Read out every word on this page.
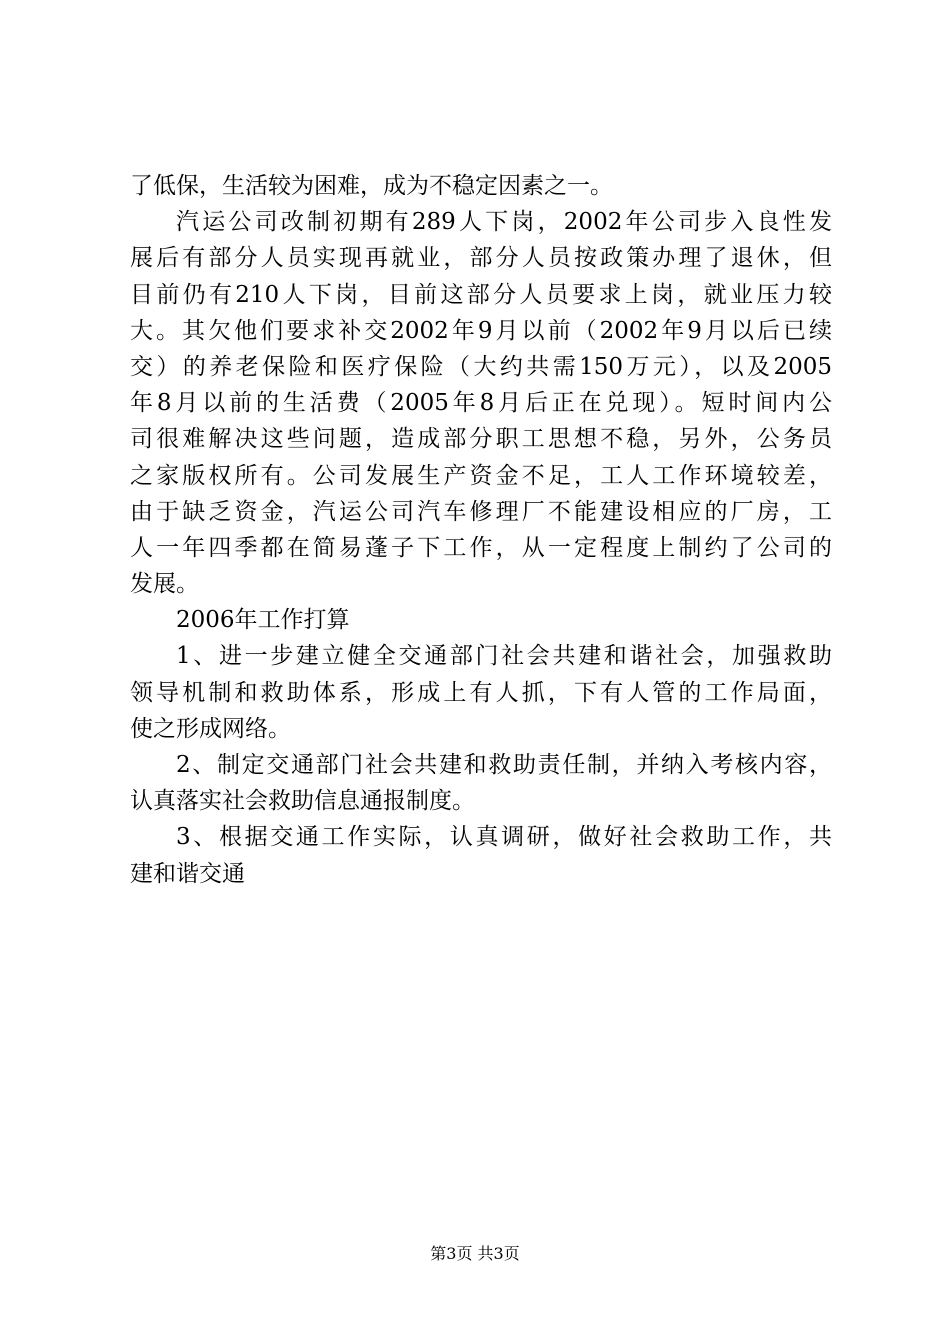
了低保，生活较为困难，成为不稳定因素之一。
汽运公司改制初期有289人下岗，2002年公司步入良性发
展后有部分人员实现再就业，部分人员按政策办理了退休，但
目前仍有210人下岗，目前这部分人员要求上岗，就业压力较
大。其欠他们要求补交2002年9月以前（2002年9月以后已续
交）的养老保险和医疗保险（大约共需150万元），以及2005
年8月以前的生活费（2005年8月后正在兑现）。短时间内公
司很难解决这些问题，造成部分职工思想不稳，另外，公务员
之家版权所有。公司发展生产资金不足，工人工作环境较差，
由于缺乏资金，汽运公司汽车修理厂不能建设相应的厂房，工
人一年四季都在简易蓬子下工作，从一定程度上制约了公司的
发展。
2006年工作打算
1、进一步建立健全交通部门社会共建和谐社会，加强救助
领导机制和救助体系，形成上有人抓，下有人管的工作局面，
使之形成网络。
2、制定交通部门社会共建和救助责任制，并纳入考核内容，
认真落实社会救助信息通报制度。
3、根据交通工作实际，认真调研，做好社会救助工作，共
建和谐交通
第3页 共3页
